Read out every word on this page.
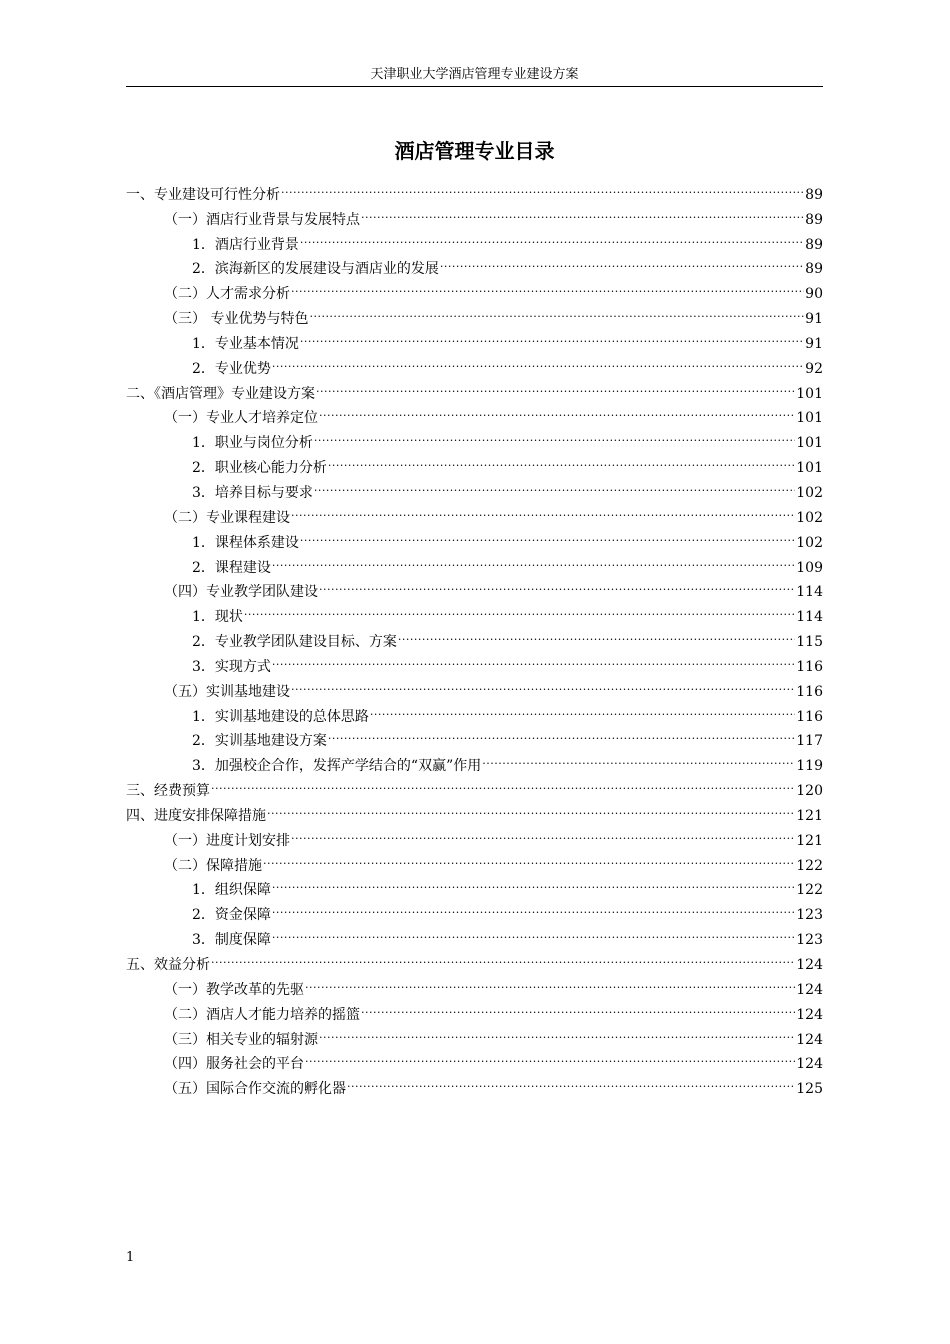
天津职业大学酒店管理专业建设方案
酒店管理专业目录
一、专业建设可行性分析 .....	89
（一）酒店行业背景与发展特点 .....	89
1．酒店行业背景 .....	89
2．滨海新区的发展建设与酒店业的发展 .....	89
（二）人才需求分析 .....	90
（三） 专业优势与特色 .....	91
1．专业基本情况 .....	91
2．专业优势 .....	92
二、《酒店管理》专业建设方案 .....	101
（一）专业人才培养定位 .....	101
1．职业与岗位分析 .....	101
2．职业核心能力分析 .....	101
3．培养目标与要求 .....	102
（二）专业课程建设 .....	102
1．课程体系建设 .....	102
2．课程建设 .....	109
（四）专业教学团队建设 .....	114
1．现状 .....	114
2．专业教学团队建设目标、方案 .....	115
3．实现方式 .....	116
（五）实训基地建设 .....	116
1．实训基地建设的总体思路 .....	116
2．实训基地建设方案 .....	117
3．加强校企合作，发挥产学结合的“双赢”作用 .....	119
三、经费预算 .....	120
四、进度安排保障措施 .....	121
（一）进度计划安排 .....	121
（二）保障措施 .....	122
1．组织保障 .....	122
2．资金保障 .....	123
3．制度保障 .....	123
五、效益分析 .....	124
（一）教学改革的先驱 .....	124
（二）酒店人才能力培养的摇篮 .....	124
（三）相关专业的辐射源 .....	124
（四）服务社会的平台 .....	124
（五）国际合作交流的孵化器 .....	125
1
